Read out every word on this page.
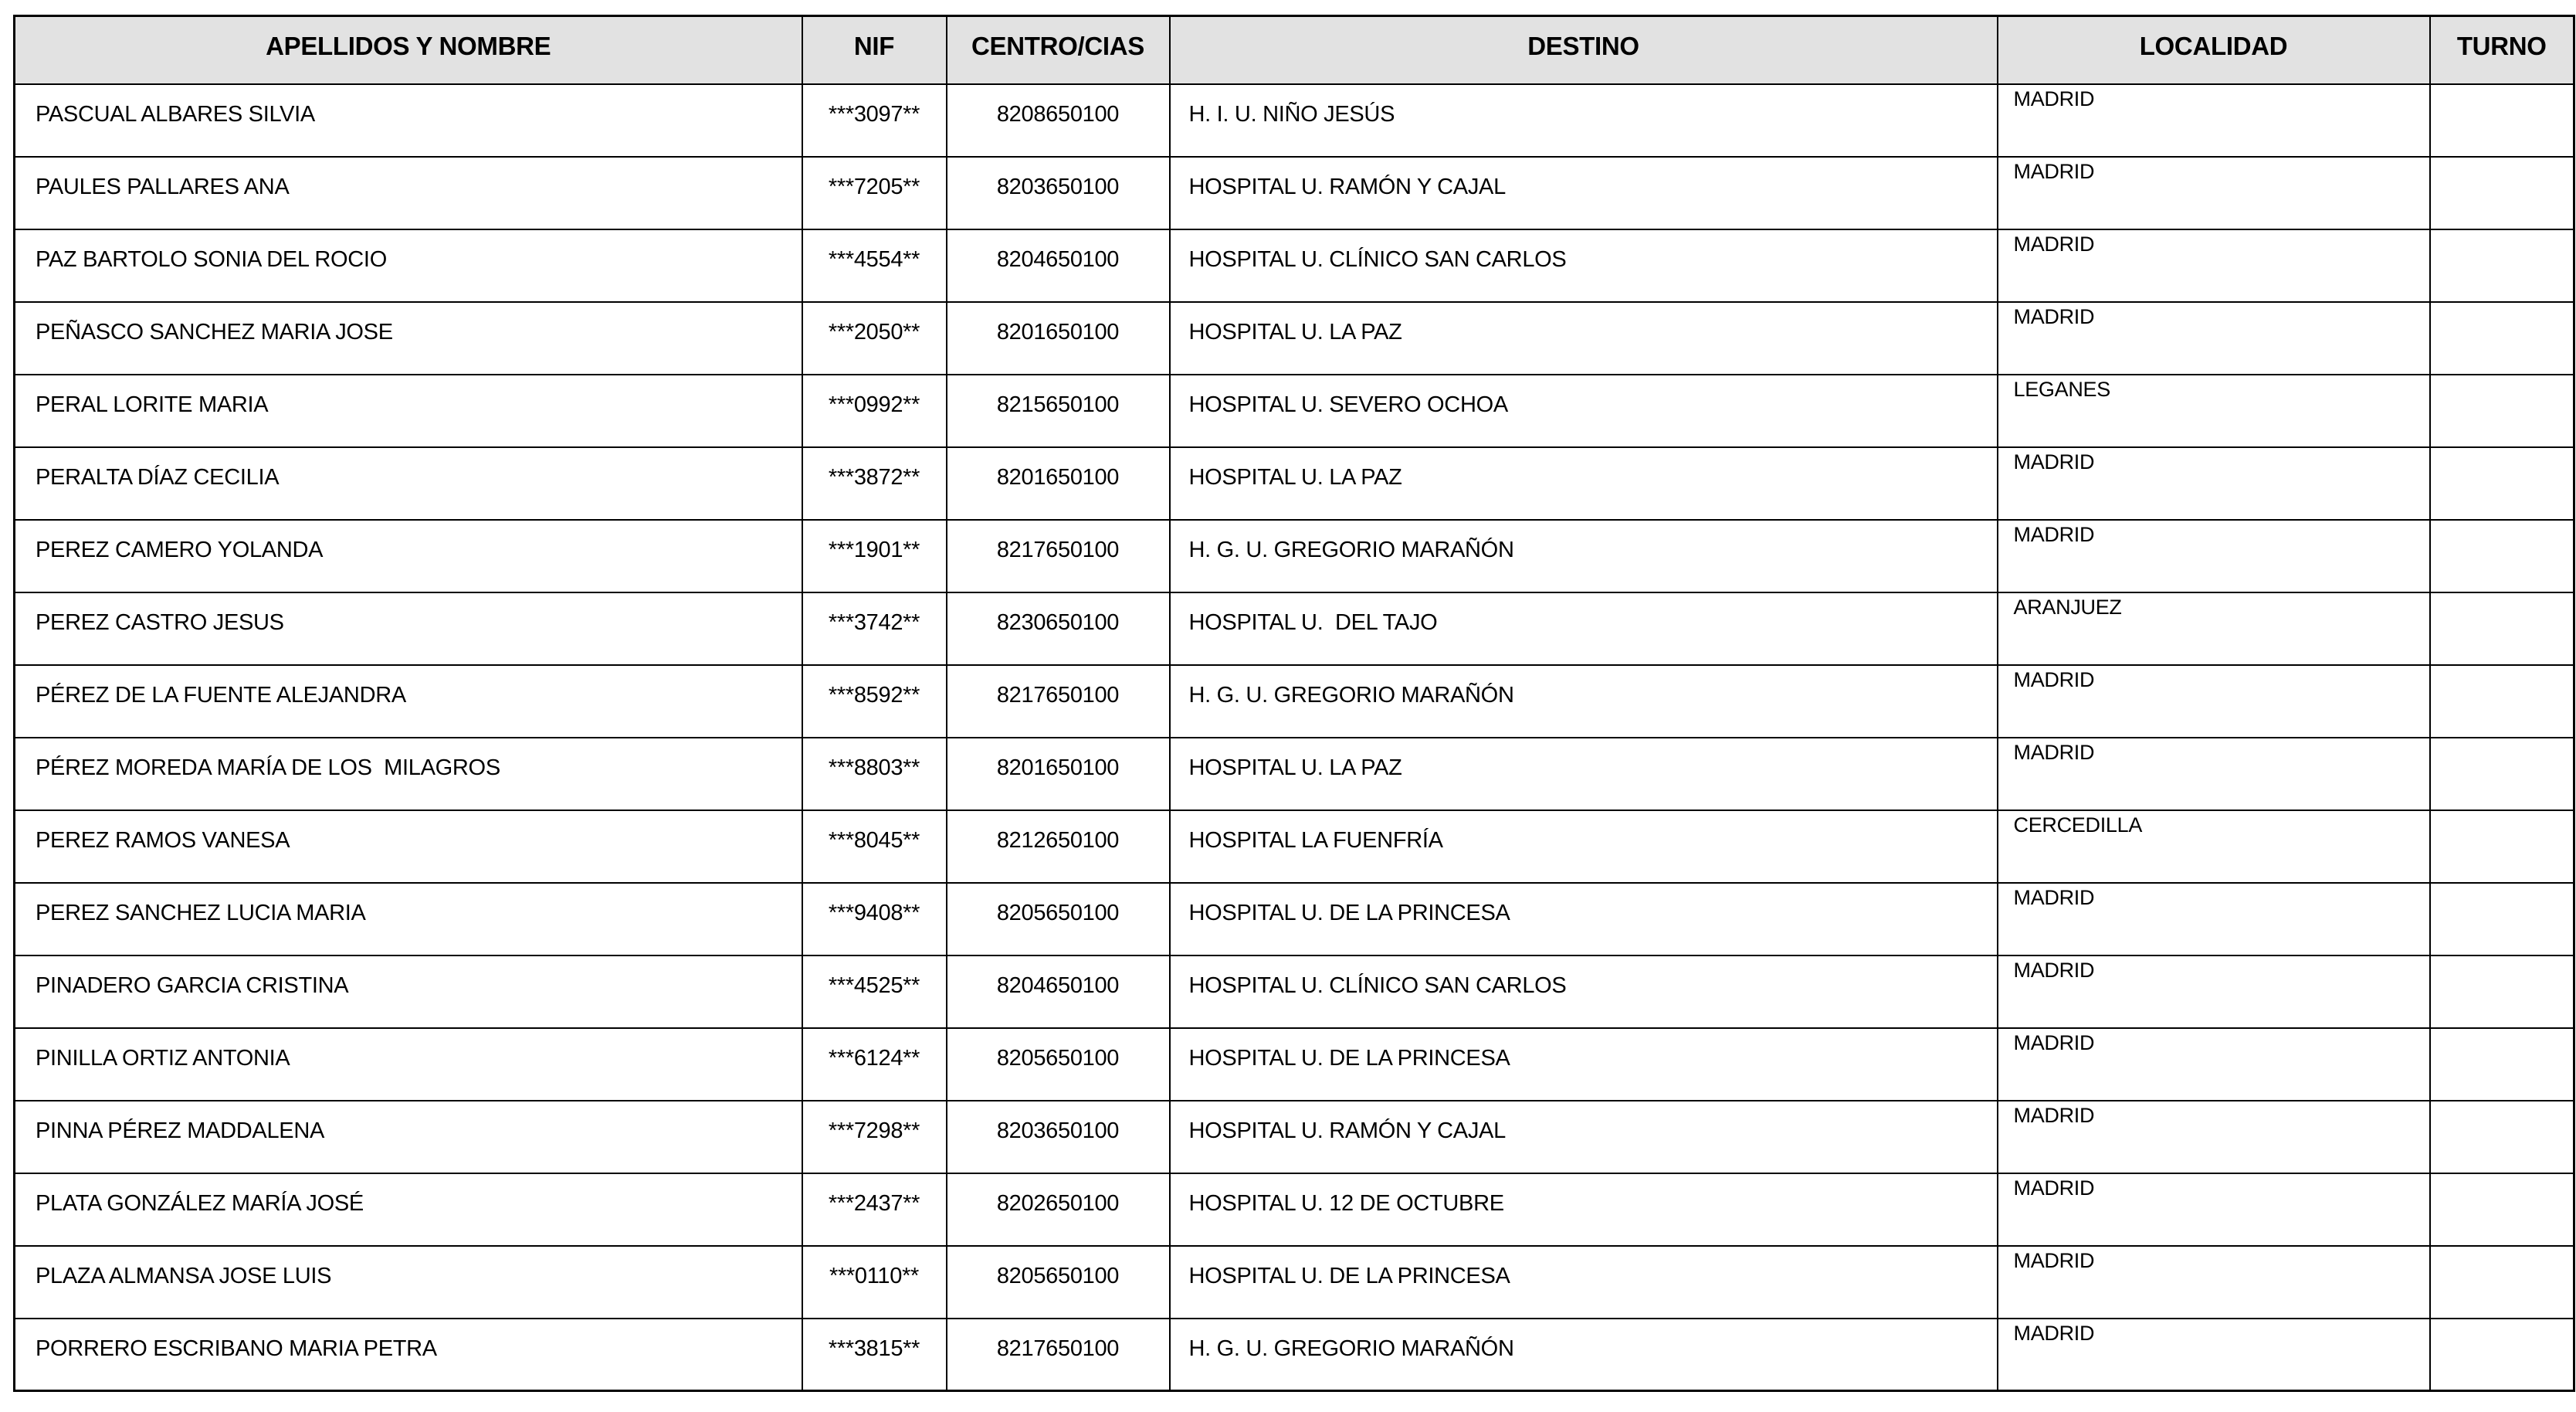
APELLIDOS Y NOMBRE	NIF	CENTRO/CIAS	DESTINO	LOCALIDAD	TURNO
PASCUAL ALBARES SILVIA	***3097**	8208650100	H. I. U. NIÑO JESÚS	MADRID	
PAULES PALLARES ANA	***7205**	8203650100	HOSPITAL U. RAMÓN Y CAJAL	MADRID	
PAZ BARTOLO SONIA DEL ROCIO	***4554**	8204650100	HOSPITAL U. CLÍNICO SAN CARLOS	MADRID	
PEÑASCO SANCHEZ MARIA JOSE	***2050**	8201650100	HOSPITAL U. LA PAZ	MADRID	
PERAL LORITE MARIA	***0992**	8215650100	HOSPITAL U. SEVERO OCHOA	LEGANES	
PERALTA DÍAZ CECILIA	***3872**	8201650100	HOSPITAL U. LA PAZ	MADRID	
PEREZ CAMERO YOLANDA	***1901**	8217650100	H. G. U. GREGORIO MARAÑÓN	MADRID	
PEREZ CASTRO JESUS	***3742**	8230650100	HOSPITAL U.  DEL TAJO	ARANJUEZ	
PÉREZ DE LA FUENTE ALEJANDRA	***8592**	8217650100	H. G. U. GREGORIO MARAÑÓN	MADRID	
PÉREZ MOREDA MARÍA DE LOS  MILAGROS	***8803**	8201650100	HOSPITAL U. LA PAZ	MADRID	
PEREZ RAMOS VANESA	***8045**	8212650100	HOSPITAL LA FUENFRÍA	CERCEDILLA	
PEREZ SANCHEZ LUCIA MARIA	***9408**	8205650100	HOSPITAL U. DE LA PRINCESA	MADRID	
PINADERO GARCIA CRISTINA	***4525**	8204650100	HOSPITAL U. CLÍNICO SAN CARLOS	MADRID	
PINILLA ORTIZ ANTONIA	***6124**	8205650100	HOSPITAL U. DE LA PRINCESA	MADRID	
PINNA PÉREZ MADDALENA	***7298**	8203650100	HOSPITAL U. RAMÓN Y CAJAL	MADRID	
PLATA GONZÁLEZ MARÍA JOSÉ	***2437**	8202650100	HOSPITAL U. 12 DE OCTUBRE	MADRID	
PLAZA ALMANSA JOSE LUIS	***0110**	8205650100	HOSPITAL U. DE LA PRINCESA	MADRID	
PORRERO ESCRIBANO MARIA PETRA	***3815**	8217650100	H. G. U. GREGORIO MARAÑÓN	MADRID	
